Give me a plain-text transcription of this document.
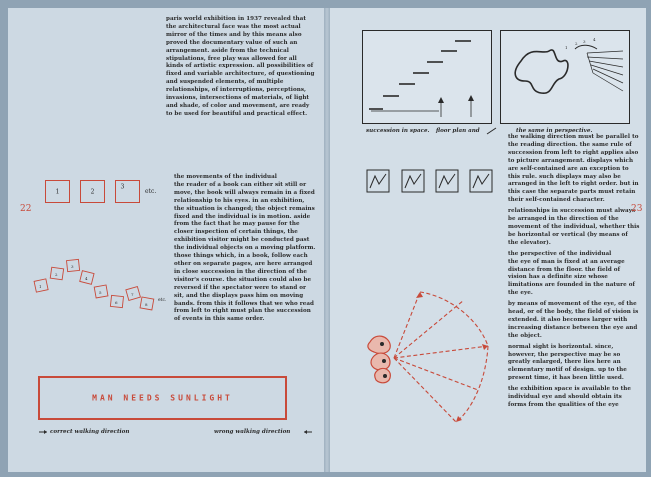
paris world exhibition in 1937 revealed that the architectural face was the most actual mirror of the times and by this means also proved the documentary value of such an arrangement. aside from the technical stipulations, free play was allowed for all kinds of artistic expression. all possibilities of fixed and variable architecture, of questioning and suspended elements, of multiple relationships, of interruptions, perceptions, invasions, intersections of materials, of light and shade, of color and movement, are ready to be used for beautiful and practical effect.

22
1	2
3
etc.
1
2
3
4
5
6
7
8
etc.
the movements of the individual

the reader of a book can either sit still or move, the book will always remain in a fixed relationship to his eyes. in an exhibition, the situation is changed; the object remains fixed and the individual is in motion. aside from the fact that he may pause for the closer inspection of certain things, the exhibition visitor might be conducted past the individual objects on a moving platform. those things which, in a book, follow each other on separate pages, are here arranged in close succession in the direction of the visitor's course. the situation could also be reversed if the spectator were to stand or sit, and the displays pass him on moving bands. from this it follows that we who read from left to right must plan the succession of events in this same order.

MAN NEEDS SUNLIGHT
correct walking direction	wrong walking direction
1
2 3 4
succession in space. floor plan and	the same in perspective.

the walking direction must be parallel to the reading direction. the same rule of succession from left to right applies also to picture arrangement. displays which are self-contained are an exception to this rule. such displays may also be arranged in the left to right order. but in this case the separate parts must retain their self-contained character.

relationships in succession must always be arranged in the direction of the movement of the individual, whether this be horizontal or vertical (by means of the elevator).

the perspective of the individual

the eye of man is fixed at an average distance from the floor. the field of vision has a definite size whose limitations are founded in the nature of the eye.

by means of movement of the eye, of the head, or of the body, the field of vision is extended. it also becomes larger with increasing distance between the eye and the object.

normal sight is horizontal. since, however, the perspective may be so greatly enlarged, there lies here an elementary motif of design. up to the present time, it has been little used.

the exhibition space is available to the individual eye and should obtain its forms from the qualities of the eye

23
